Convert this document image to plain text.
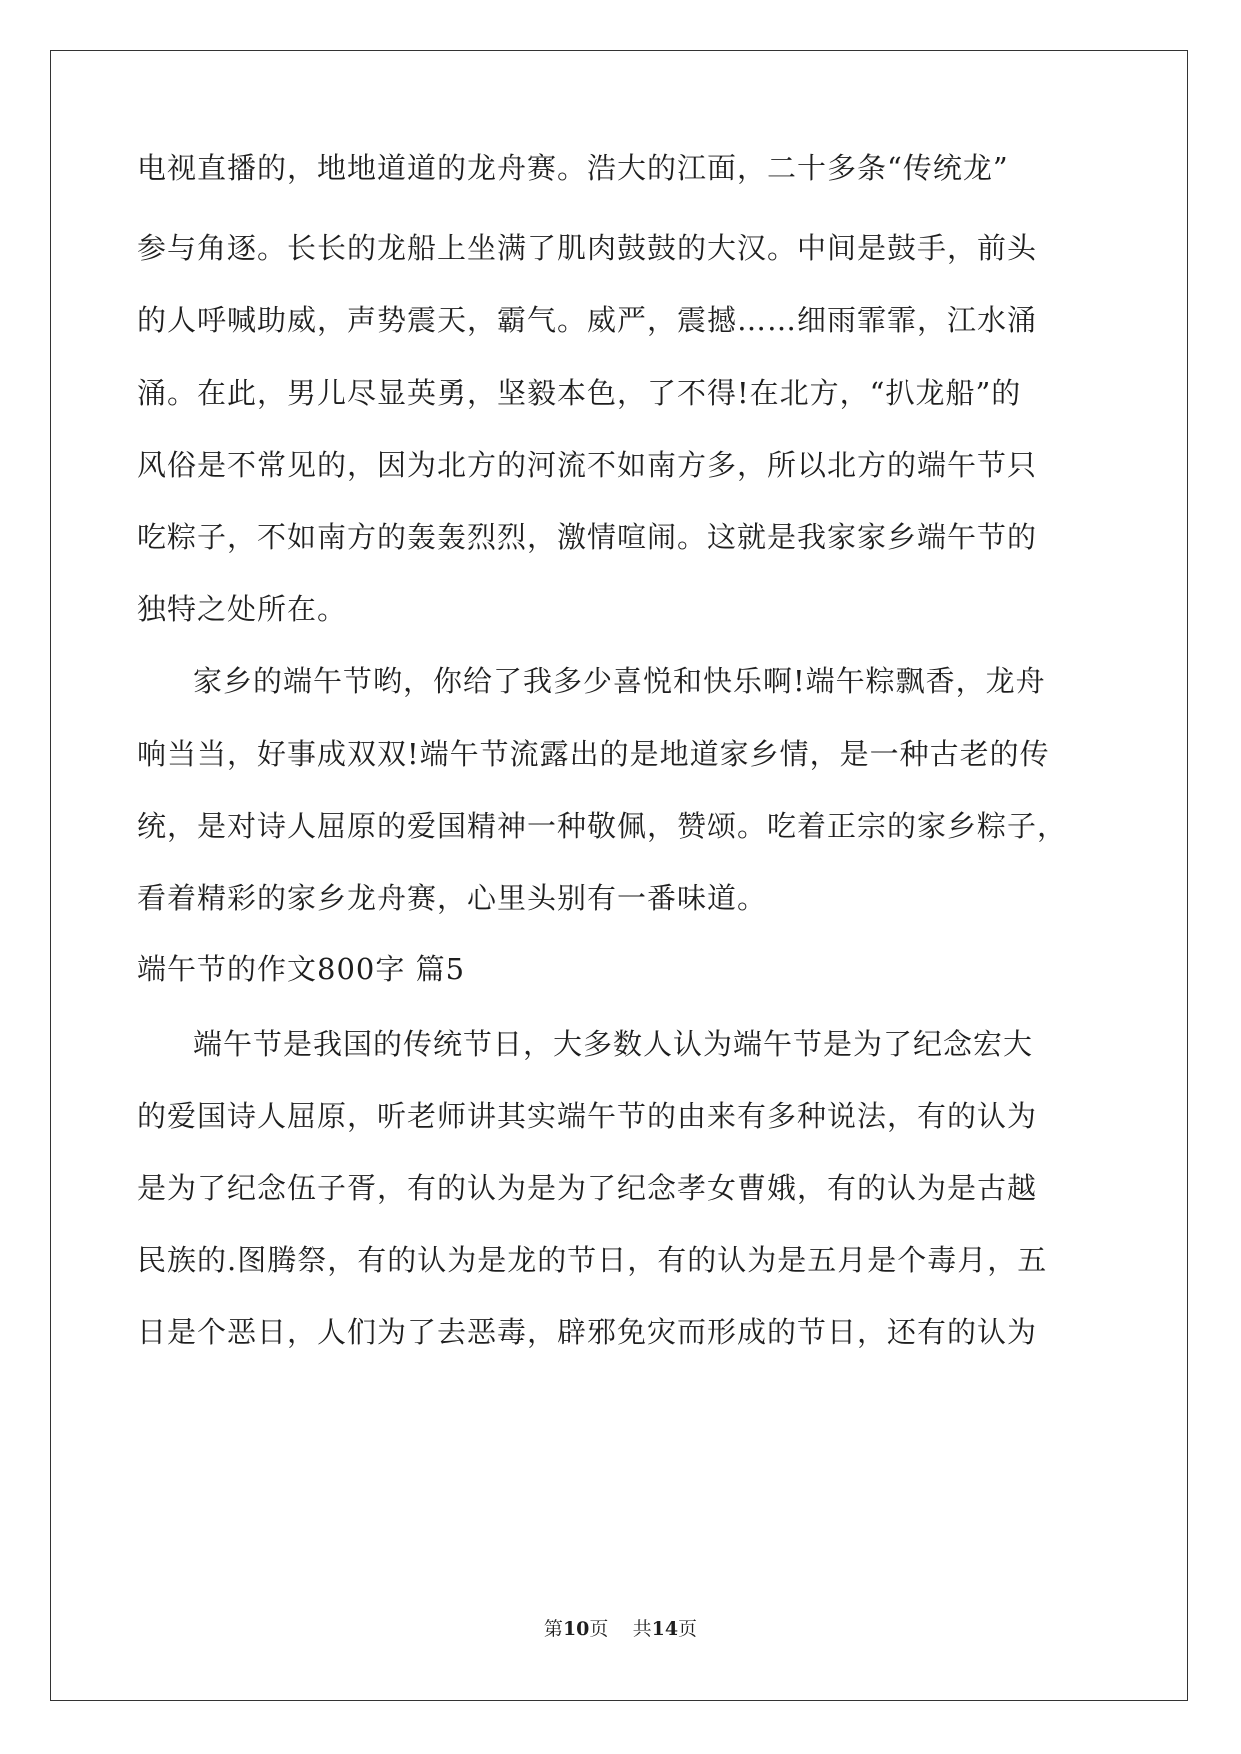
电视直播的，地地道道的龙舟赛。浩大的江面，二十多条“传统龙”
参与角逐。长长的龙船上坐满了肌肉鼓鼓的大汉。中间是鼓手，前头
的人呼喊助威，声势震天，霸气。威严，震撼……细雨霏霏，江水涌
涌。在此，男儿尽显英勇，坚毅本色，了不得!在北方，“扒龙船”的
风俗是不常见的，因为北方的河流不如南方多，所以北方的端午节只
吃粽子，不如南方的轰轰烈烈，激情喧闹。这就是我家家乡端午节的
独特之处所在。
家乡的端午节哟，你给了我多少喜悦和快乐啊!端午粽飘香，龙舟
响当当，好事成双双!端午节流露出的是地道家乡情，是一种古老的传
统，是对诗人屈原的爱国精神一种敬佩，赞颂。吃着正宗的家乡粽子，
看着精彩的家乡龙舟赛，心里头别有一番味道。
端午节的作文800字 篇5
端午节是我国的传统节日，大多数人认为端午节是为了纪念宏大
的爱国诗人屈原，听老师讲其实端午节的由来有多种说法，有的认为
是为了纪念伍子胥，有的认为是为了纪念孝女曹娥，有的认为是古越
民族的.图腾祭，有的认为是龙的节日，有的认为是五月是个毒月，五
日是个恶日，人们为了去恶毒，辟邪免灾而形成的节日，还有的认为
第10页 共14页
